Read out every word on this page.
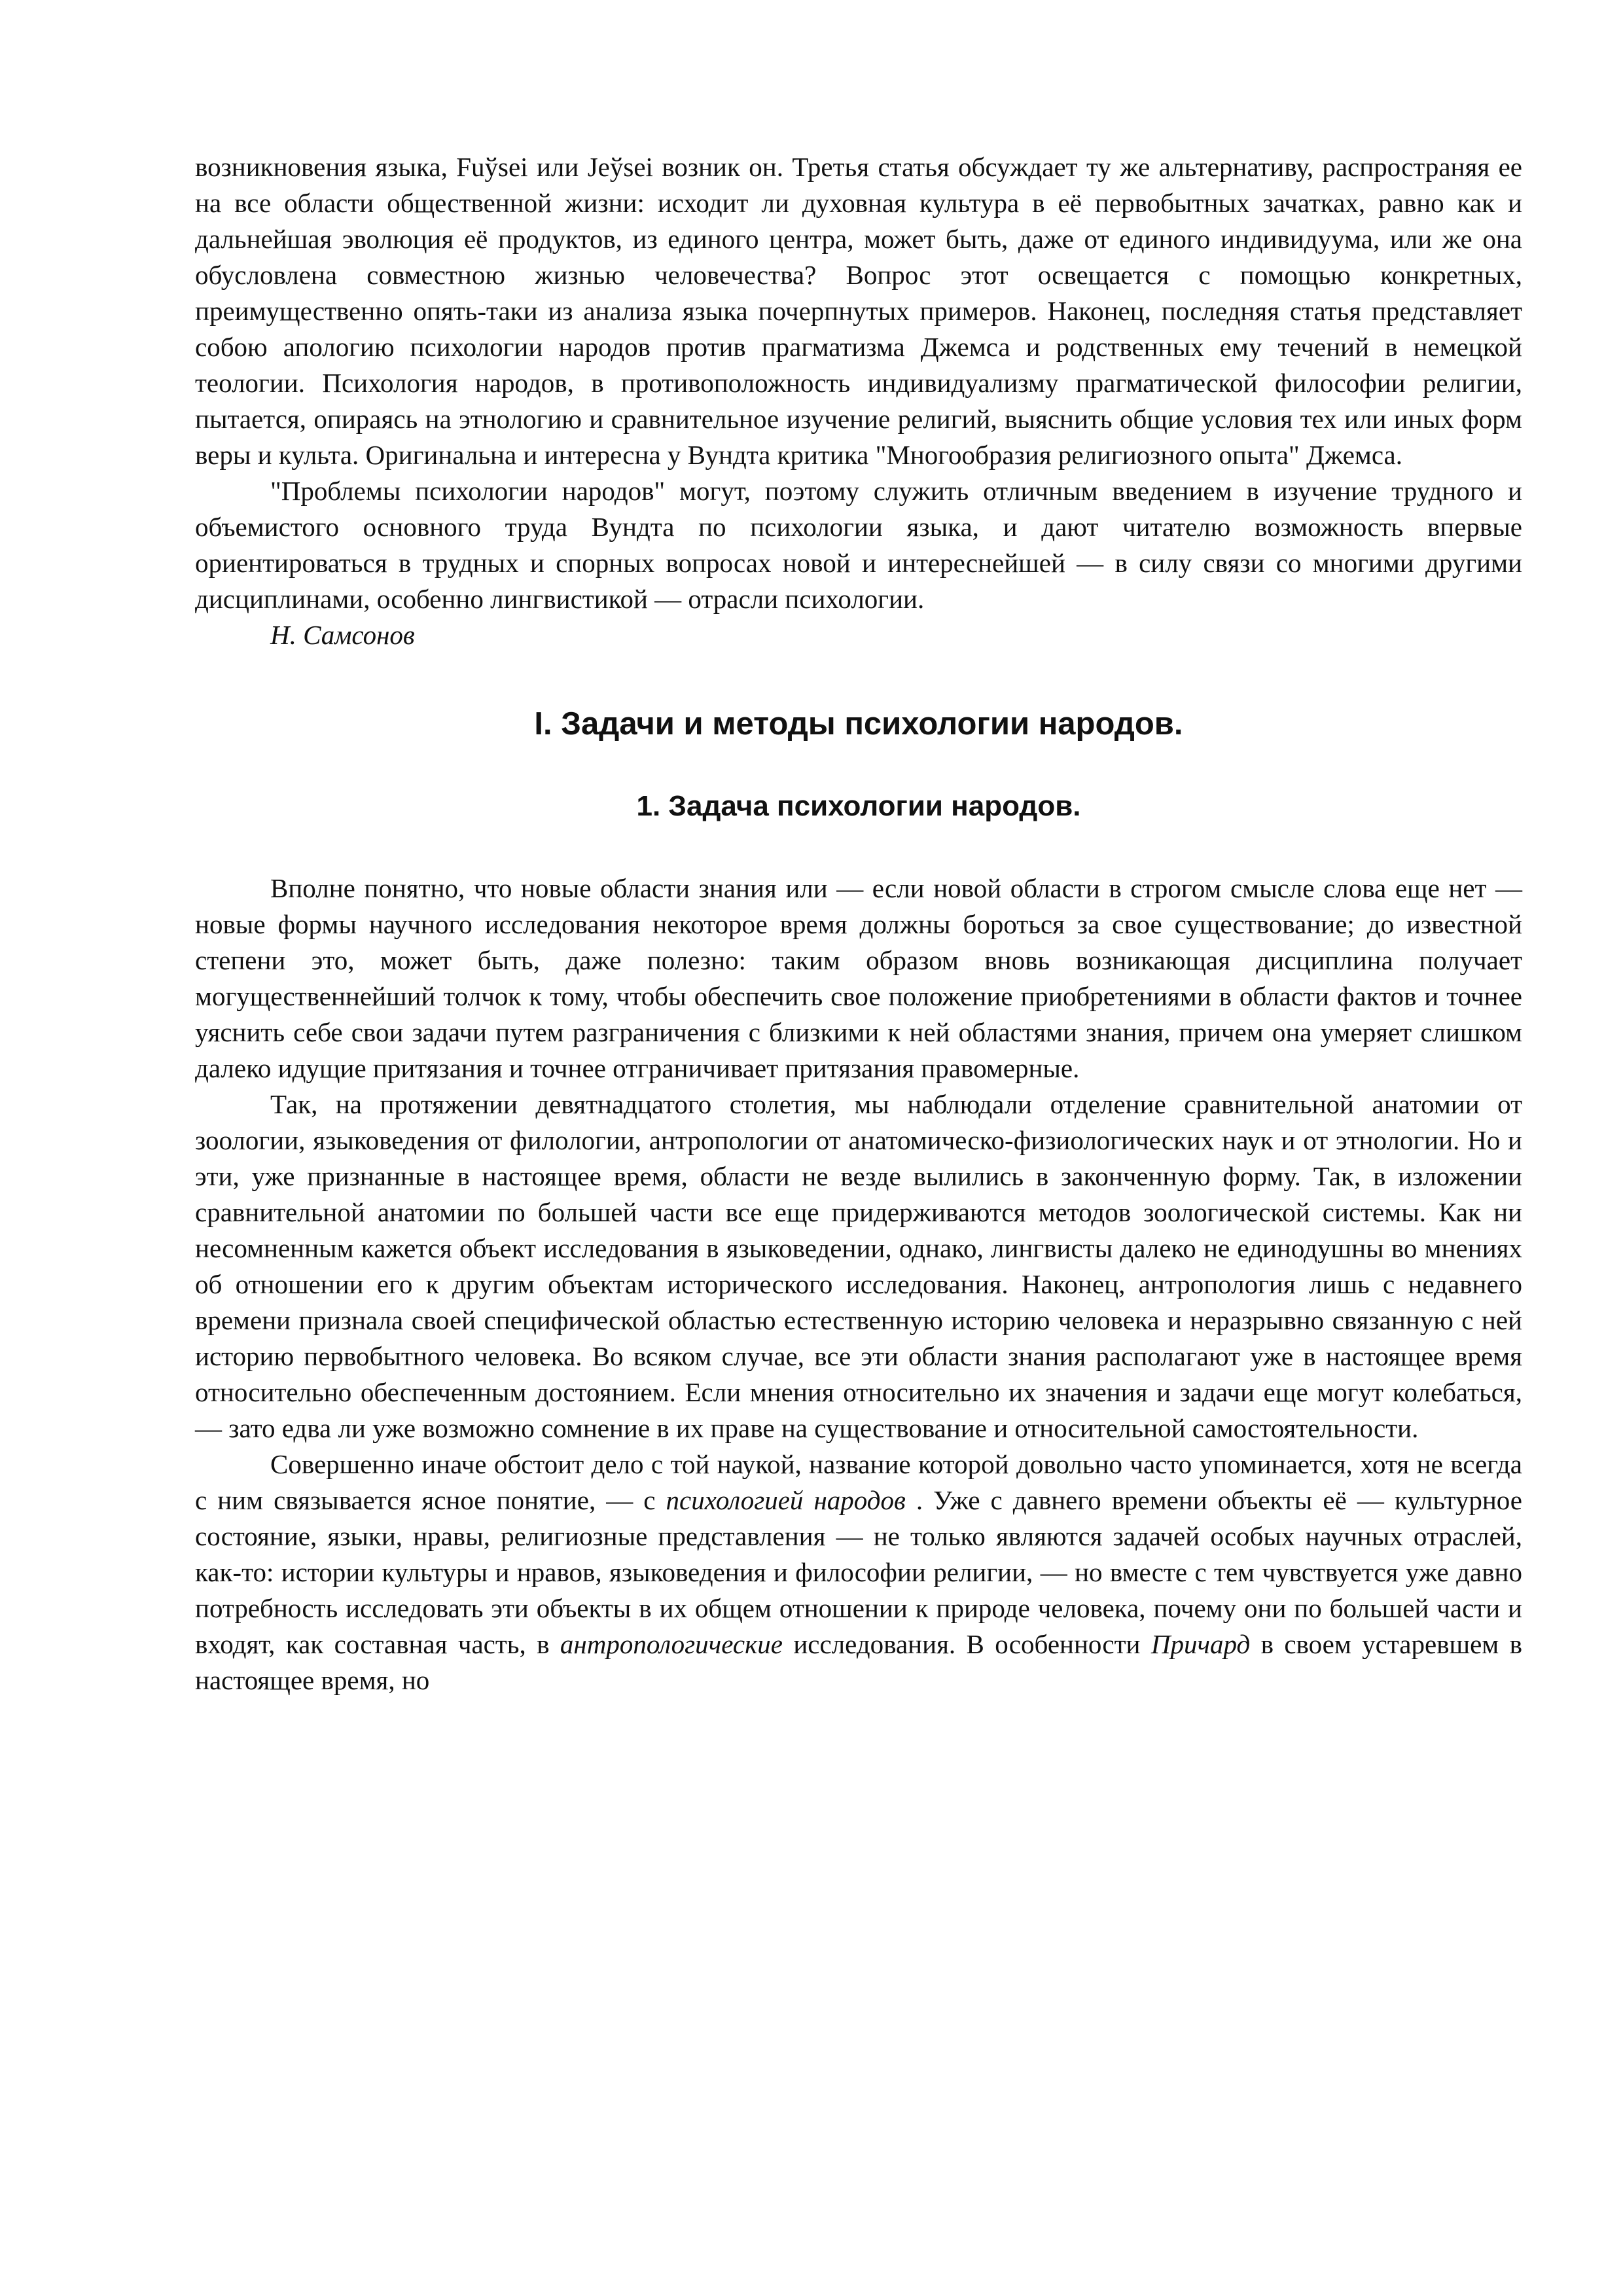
возникновения языка, Fuўsei или Jeўsei возник он. Третья статья обсуждает ту же альтернативу, распространяя ее на все области общественной жизни: исходит ли духовная культура в её первобытных зачатках, равно как и дальнейшая эволюция её продуктов, из единого центра, может быть, даже от единого индивидуума, или же она обусловлена совместною жизнью человечества? Вопрос этот освещается с помощью конкретных, преимущественно опять-таки из анализа языка почерпнутых примеров. Наконец, последняя статья представляет собою апологию психологии народов против прагматизма Джемса и родственных ему течений в немецкой теологии. Психология народов, в противоположность индивидуализму прагматической философии религии, пытается, опираясь на этнологию и сравнительное изучение религий, выяснить общие условия тех или иных форм веры и культа. Оригинальна и интересна у Вундта критика "Многообразия религиозного опыта" Джемса.

"Проблемы психологии народов" могут, поэтому служить отличным введением в изучение трудного и объемистого основного труда Вундта по психологии языка, и дают читателю возможность впервые ориентироваться в трудных и спорных вопросах новой и интереснейшей — в силу связи со многими другими дисциплинами, особенно лингвистикой — отрасли психологии.

Н. Самсонов

I. Задачи и методы психологии народов.
1. Задача психологии народов.

Вполне понятно, что новые области знания или — если новой области в строгом смысле слова еще нет — новые формы научного исследования некоторое время должны бороться за свое существование; до известной степени это, может быть, даже полезно: таким образом вновь возникающая дисциплина получает могущественнейший толчок к тому, чтобы обеспечить свое положение приобретениями в области фактов и точнее уяснить себе свои задачи путем разграничения с близкими к ней областями знания, причем она умеряет слишком далеко идущие притязания и точнее отграничивает притязания правомерные.

Так, на протяжении девятнадцатого столетия, мы наблюдали отделение сравнительной анатомии от зоологии, языковедения от филологии, антропологии от анатомическо-физиологических наук и от этнологии. Но и эти, уже признанные в настоящее время, области не везде вылились в законченную форму. Так, в изложении сравнительной анатомии по большей части все еще придерживаются методов зоологической системы. Как ни несомненным кажется объект исследования в языковедении, однако, лингвисты далеко не единодушны во мнениях об отношении его к другим объектам исторического исследования. Наконец, антропология лишь с недавнего времени признала своей специфической областью естественную историю человека и неразрывно связанную с ней историю первобытного человека. Во всяком случае, все эти области знания располагают уже в настоящее время относительно обеспеченным достоянием. Если мнения относительно их значения и задачи еще могут колебаться, — зато едва ли уже возможно сомнение в их праве на существование и относительной самостоятельности.

Совершенно иначе обстоит дело с той наукой, название которой довольно часто упоминается, хотя не всегда с ним связывается ясное понятие, — с психологией народов . Уже с давнего времени объекты её — культурное состояние, языки, нравы, религиозные представления — не только являются задачей особых научных отраслей, как-то: истории культуры и нравов, языковедения и философии религии, — но вместе с тем чувствуется уже давно потребность исследовать эти объекты в их общем отношении к природе человека, почему они по большей части и входят, как составная часть, в антропологические исследования. В особенности Причард в своем устаревшем в настоящее время, но
